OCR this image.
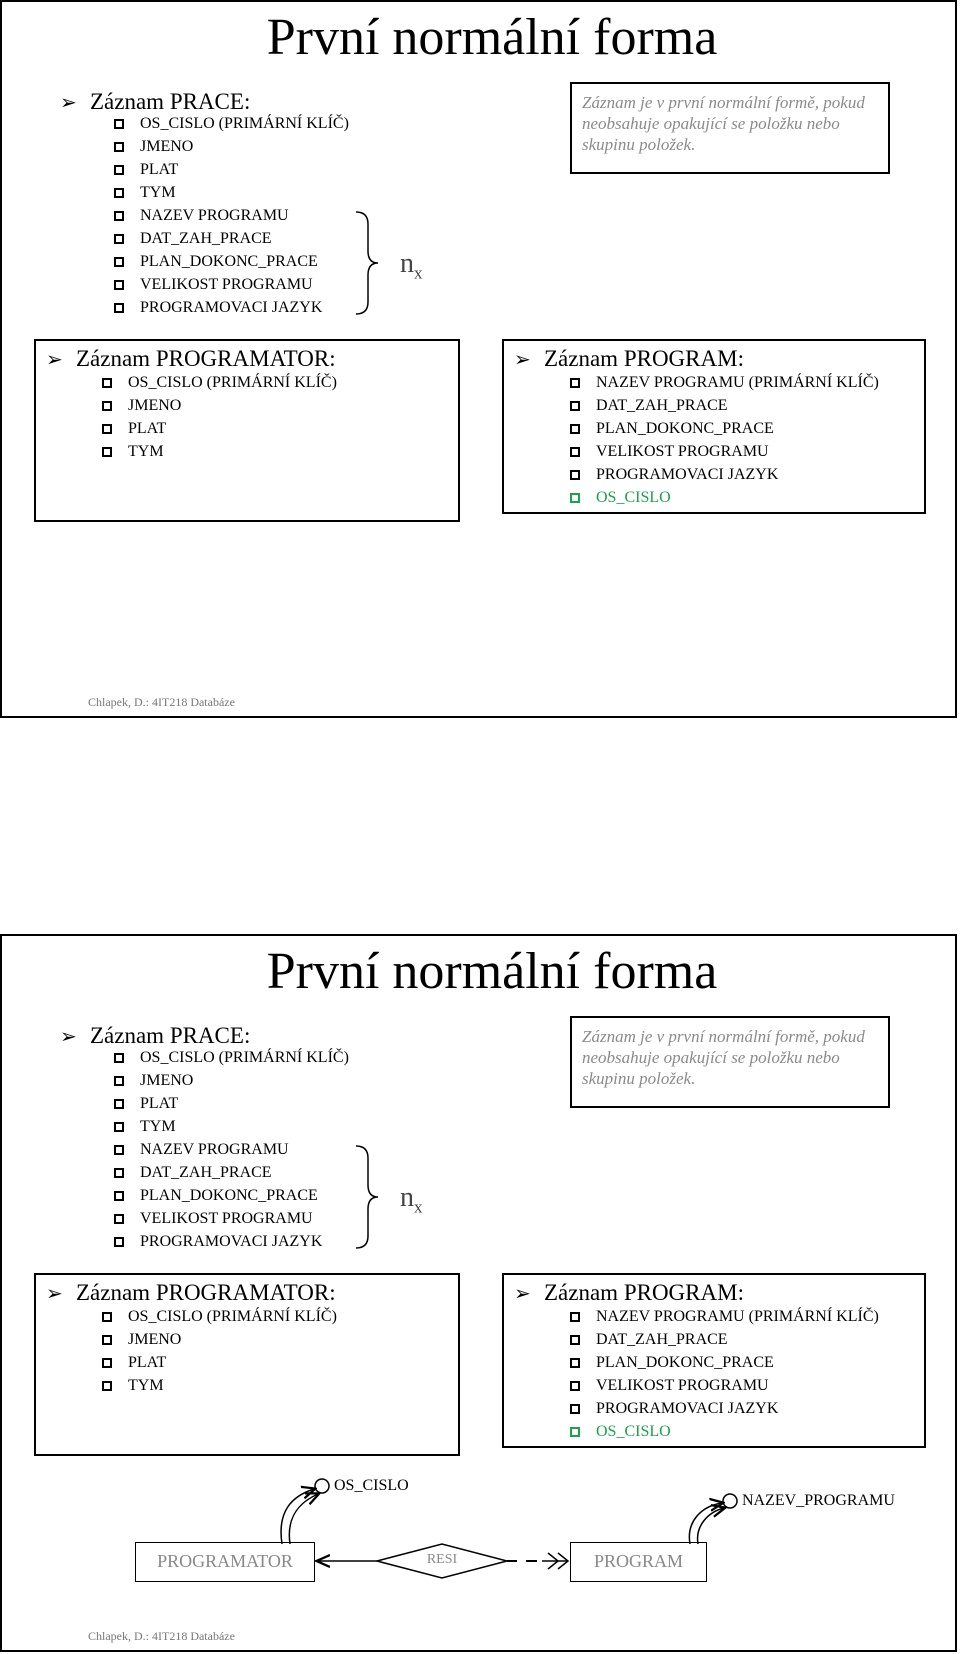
První normální forma
➢ Záznam PRACE:
OS_CISLO (PRIMÁRNÍ KLÍČ)
JMENO
PLAT
TYM
NAZEV PROGRAMU
DAT_ZAH_PRACE
PLAN_DOKONC_PRACE
VELIKOST PROGRAMU
PROGRAMOVACI JAZYK
$n_x$
Záznam je v první normální formě, pokud neobsahuje opakující se položku nebo skupinu položek.
➢ Záznam PROGRAMATOR:
OS_CISLO (PRIMÁRNÍ KLÍČ)
JMENO
PLAT
TYM
➢ Záznam PROGRAM:
NAZEV PROGRAMU (PRIMÁRNÍ KLÍČ)
DAT_ZAH_PRACE
PLAN_DOKONC_PRACE
VELIKOST PROGRAMU
PROGRAMOVACI JAZYK
OS_CISLO
Chlapek, D.: 4IT218 Databáze
První normální forma
➢ Záznam PRACE:
OS_CISLO (PRIMÁRNÍ KLÍČ)
JMENO
PLAT
TYM
NAZEV PROGRAMU
DAT_ZAH_PRACE
PLAN_DOKONC_PRACE
VELIKOST PROGRAMU
PROGRAMOVACI JAZYK
$n_x$
Záznam je v první normální formě, pokud neobsahuje opakující se položku nebo skupinu položek.
➢ Záznam PROGRAMATOR:
OS_CISLO (PRIMÁRNÍ KLÍČ)
JMENO
PLAT
TYM
➢ Záznam PROGRAM:
NAZEV PROGRAMU (PRIMÁRNÍ KLÍČ)
DAT_ZAH_PRACE
PLAN_DOKONC_PRACE
VELIKOST PROGRAMU
PROGRAMOVACI JAZYK
OS_CISLO
OS_CISLO
NAZEV_PROGRAMU
PROGRAMATOR	RESI	PROGRAM
Chlapek, D.: 4IT218 Databáze
